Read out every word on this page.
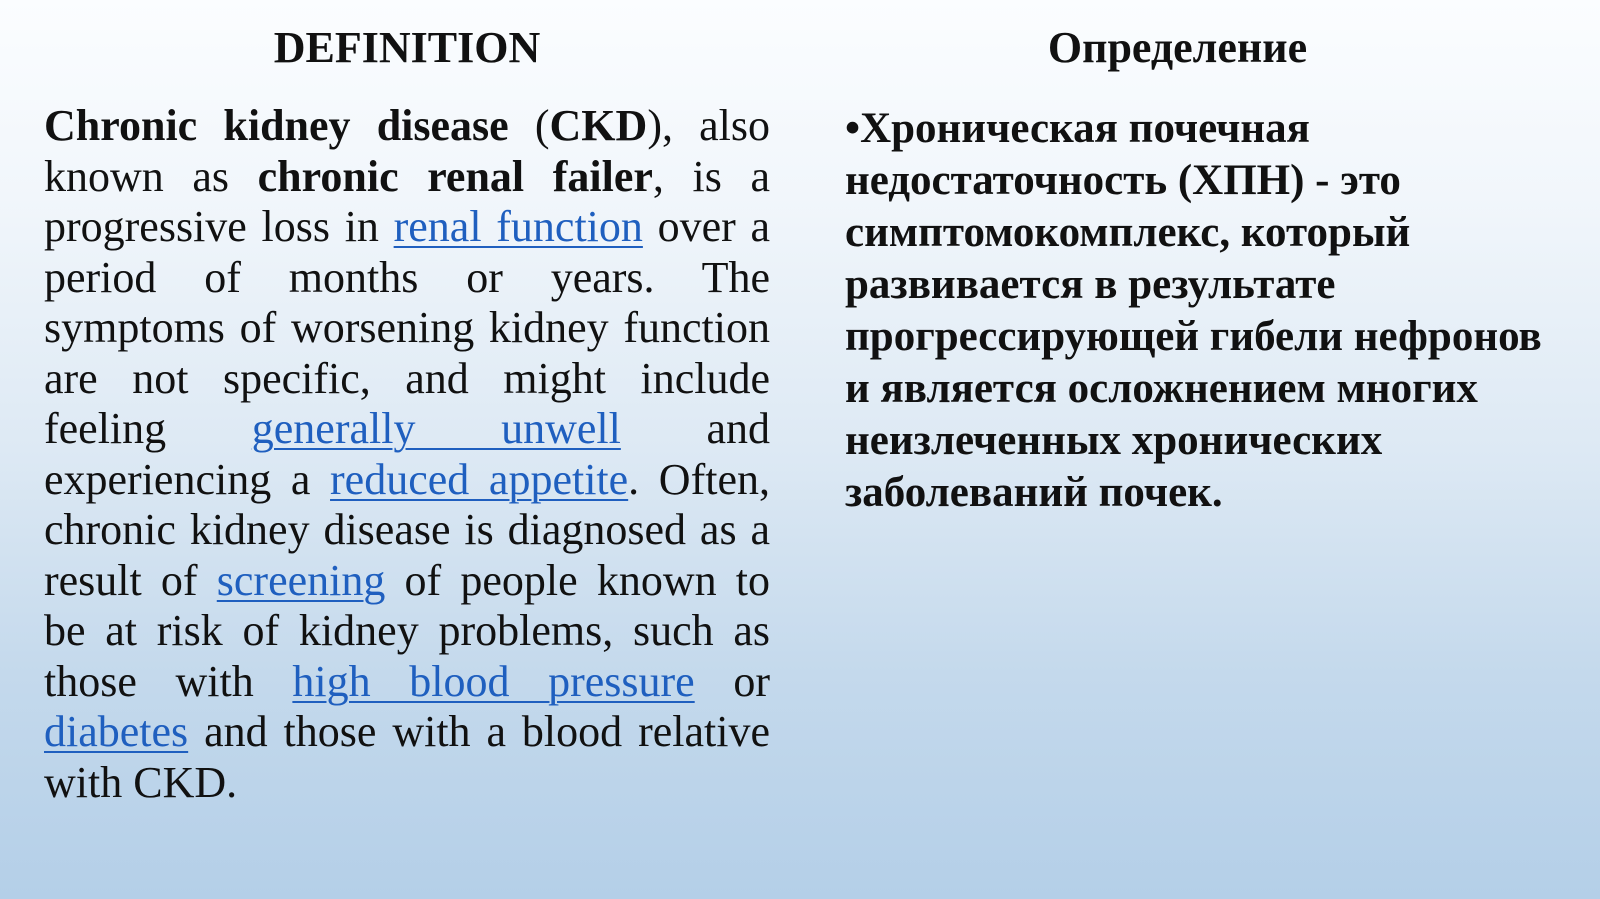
DEFINITION	Определение

Chronic kidney disease (CKD), also known as chronic renal failer, is a progressive loss in renal function over a period of months or years. The symptoms of worsening kidney function are not specific, and might include feeling generally unwell and experiencing a reduced appetite. Often, chronic kidney disease is diagnosed as a result of screening of people known to be at risk of kidney problems, such as those with high blood pressure or diabetes and those with a blood relative with CKD.

•Хроническая почечная недостаточность (ХПН) - это симптомокомплекс, который развивается в результате прогрессирующей гибели нефронов и является осложнением многих неизлеченных хронических заболеваний почек.
